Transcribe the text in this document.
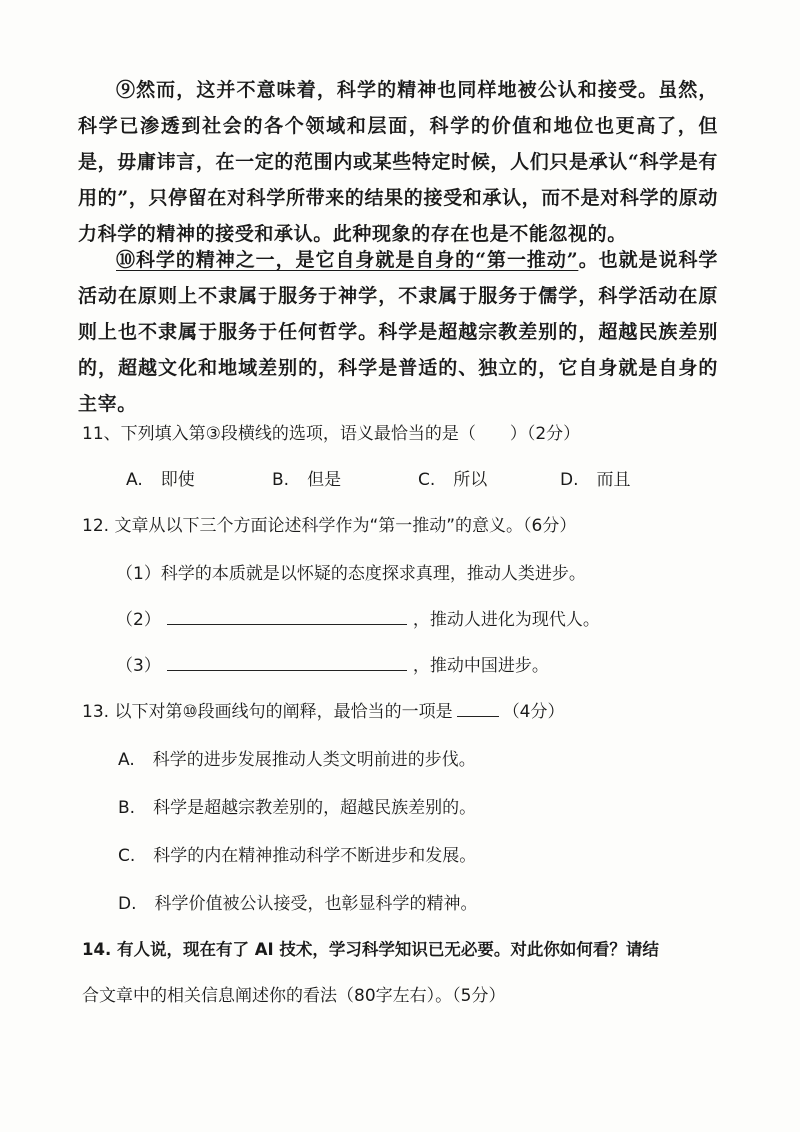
⑨然而，这并不意味着，科学的精神也同样地被公认和接受。虽然，科学已渗透到社会的各个领域和层面，科学的价值和地位也更高了，但是，毋庸讳言，在一定的范围内或某些特定时候，人们只是承认“科学是有用的”，只停留在对科学所带来的结果的接受和承认，而不是对科学的原动力科学的精神的接受和承认。此种现象的存在也是不能忽视的。
⑩科学的精神之一，是它自身就是自身的“第一推动”。也就是说科学活动在原则上不隶属于服务于神学，不隶属于服务于儒学，科学活动在原则上也不隶属于服务于任何哲学。科学是超越宗教差别的，超越民族差别的，超越文化和地域差别的，科学是普适的、独立的，它自身就是自身的主宰。
11、下列填入第③段横线的选项，语义最恰当的是（　　）（2分）
A. 即使	B. 但是	C. 所以	D. 而且
12. 文章从以下三个方面论述科学作为“第一推动”的意义。（6分）
（1）科学的本质就是以怀疑的态度探求真理，推动人类进步。
（2）	，推动人进化为现代人。
（3）	，推动中国进步。
13. 以下对第⑩段画线句的阐释，最恰当的一项是	（4分）
A. 科学的进步发展推动人类文明前进的步伐。
B. 科学是超越宗教差别的，超越民族差别的。
C. 科学的内在精神推动科学不断进步和发展。
D. 科学价值被公认接受，也彰显科学的精神。
14. 有人说，现在有了 AI 技术，学习科学知识已无必要。对此你如何看？请结
合文章中的相关信息阐述你的看法（80字左右）。（5分）
